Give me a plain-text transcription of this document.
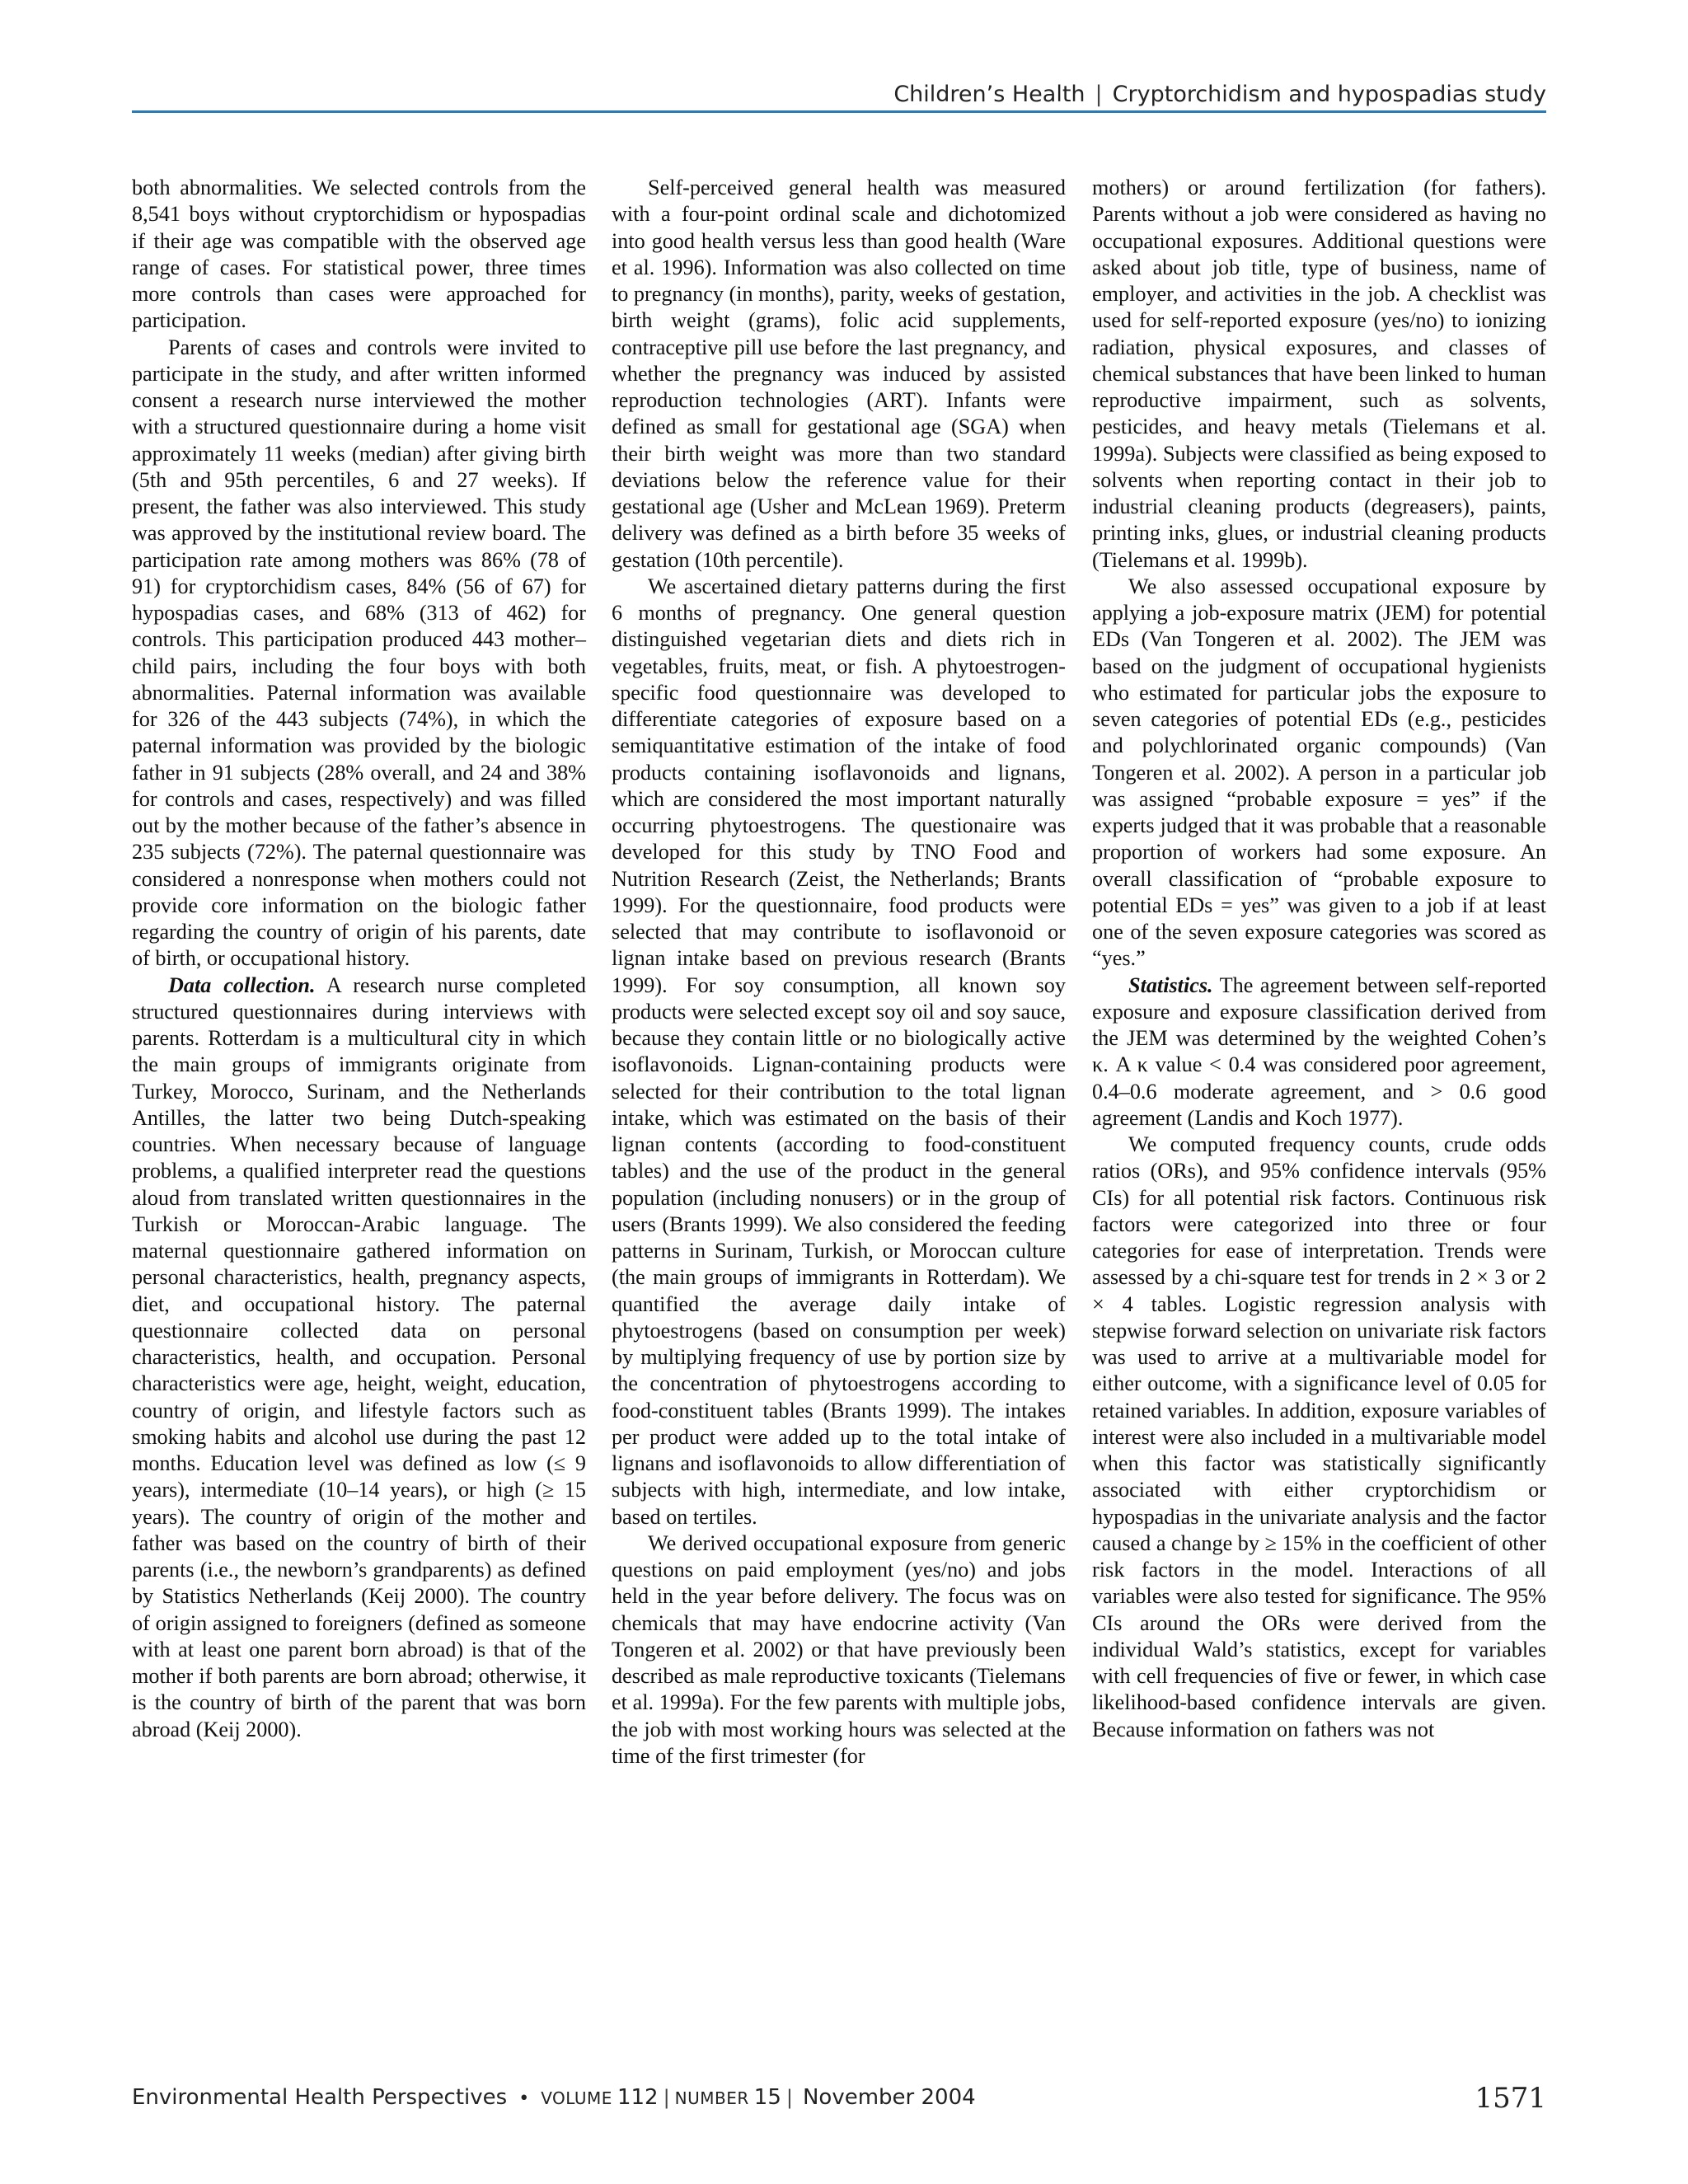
Children’s Health | Cryptorchidism and hypospadias study

both abnormalities. We selected controls from the 8,541 boys without cryptorchidism or hypospadias if their age was compatible with the observed age range of cases. For statistical power, three times more controls than cases were approached for participation.

Parents of cases and controls were invited to participate in the study, and after written informed consent a research nurse interviewed the mother with a structured questionnaire during a home visit approximately 11 weeks (median) after giving birth (5th and 95th percentiles, 6 and 27 weeks). If present, the father was also interviewed. This study was approved by the institutional review board. The participation rate among mothers was 86% (78 of 91) for cryptorchidism cases, 84% (56 of 67) for hypospadias cases, and 68% (313 of 462) for controls. This participation produced 443 mother–child pairs, including the four boys with both abnormalities. Paternal information was available for 326 of the 443 subjects (74%), in which the paternal information was provided by the biologic father in 91 subjects (28% overall, and 24 and 38% for controls and cases, respectively) and was filled out by the mother because of the father’s absence in 235 subjects (72%). The paternal questionnaire was considered a nonresponse when mothers could not provide core information on the biologic father regarding the country of origin of his parents, date of birth, or occupational history.

Data collection. A research nurse completed structured questionnaires during interviews with parents. Rotterdam is a multicultural city in which the main groups of immigrants originate from Turkey, Morocco, Surinam, and the Netherlands Antilles, the latter two being Dutch-speaking countries. When necessary because of language problems, a qualified interpreter read the questions aloud from translated written questionnaires in the Turkish or Moroccan-Arabic language. The maternal questionnaire gathered information on personal characteristics, health, pregnancy aspects, diet, and occupational history. The paternal questionnaire collected data on personal characteristics, health, and occupation. Personal characteristics were age, height, weight, education, country of origin, and lifestyle factors such as smoking habits and alcohol use during the past 12 months. Education level was defined as low (≤ 9 years), intermediate (10–14 years), or high (≥ 15 years). The country of origin of the mother and father was based on the country of birth of their parents (i.e., the newborn’s grandparents) as defined by Statistics Netherlands (Keij 2000). The country of origin assigned to foreigners (defined as someone with at least one parent born abroad) is that of the mother if both parents are born abroad; otherwise, it is the country of birth of the parent that was born abroad (Keij 2000).

Self-perceived general health was measured with a four-point ordinal scale and dichotomized into good health versus less than good health (Ware et al. 1996). Information was also collected on time to pregnancy (in months), parity, weeks of gestation, birth weight (grams), folic acid supplements, contraceptive pill use before the last pregnancy, and whether the pregnancy was induced by assisted reproduction technologies (ART). Infants were defined as small for gestational age (SGA) when their birth weight was more than two standard deviations below the reference value for their gestational age (Usher and McLean 1969). Preterm delivery was defined as a birth before 35 weeks of gestation (10th percentile).

We ascertained dietary patterns during the first 6 months of pregnancy. One general question distinguished vegetarian diets and diets rich in vegetables, fruits, meat, or fish. A phytoestrogen-specific food questionnaire was developed to differentiate categories of exposure based on a semiquantitative estimation of the intake of food products containing isoflavonoids and lignans, which are considered the most important naturally occurring phytoestrogens. The questionaire was developed for this study by TNO Food and Nutrition Research (Zeist, the Netherlands; Brants 1999). For the questionnaire, food products were selected that may contribute to isoflavonoid or lignan intake based on previous research (Brants 1999). For soy consumption, all known soy products were selected except soy oil and soy sauce, because they contain little or no biologically active isoflavonoids. Lignan-containing products were selected for their contribution to the total lignan intake, which was estimated on the basis of their lignan contents (according to food-constituent tables) and the use of the product in the general population (including nonusers) or in the group of users (Brants 1999). We also considered the feeding patterns in Surinam, Turkish, or Moroccan culture (the main groups of immigrants in Rotterdam). We quantified the average daily intake of phytoestrogens (based on consumption per week) by multiplying frequency of use by portion size by the concentration of phytoestrogens according to food-constituent tables (Brants 1999). The intakes per product were added up to the total intake of lignans and isoflavonoids to allow differentiation of subjects with high, intermediate, and low intake, based on tertiles.

We derived occupational exposure from generic questions on paid employment (yes/no) and jobs held in the year before delivery. The focus was on chemicals that may have endocrine activity (Van Tongeren et al. 2002) or that have previously been described as male reproductive toxicants (Tielemans et al. 1999a). For the few parents with multiple jobs, the job with most working hours was selected at the time of the first trimester (for

mothers) or around fertilization (for fathers). Parents without a job were considered as having no occupational exposures. Additional questions were asked about job title, type of business, name of employer, and activities in the job. A checklist was used for self-reported exposure (yes/no) to ionizing radiation, physical exposures, and classes of chemical substances that have been linked to human reproductive impairment, such as solvents, pesticides, and heavy metals (Tielemans et al. 1999a). Subjects were classified as being exposed to solvents when reporting contact in their job to industrial cleaning products (degreasers), paints, printing inks, glues, or industrial cleaning products (Tielemans et al. 1999b).

We also assessed occupational exposure by applying a job-exposure matrix (JEM) for potential EDs (Van Tongeren et al. 2002). The JEM was based on the judgment of occupational hygienists who estimated for particular jobs the exposure to seven categories of potential EDs (e.g., pesticides and polychlorinated organic compounds) (Van Tongeren et al. 2002). A person in a particular job was assigned “probable exposure = yes” if the experts judged that it was probable that a reasonable proportion of workers had some exposure. An overall classification of “probable exposure to potential EDs = yes” was given to a job if at least one of the seven exposure categories was scored as “yes.”

Statistics. The agreement between self-reported exposure and exposure classification derived from the JEM was determined by the weighted Cohen’s κ. A κ value < 0.4 was considered poor agreement, 0.4–0.6 moderate agreement, and > 0.6 good agreement (Landis and Koch 1977).

We computed frequency counts, crude odds ratios (ORs), and 95% confidence intervals (95% CIs) for all potential risk factors. Continuous risk factors were categorized into three or four categories for ease of interpretation. Trends were assessed by a chi-square test for trends in 2 × 3 or 2 × 4 tables. Logistic regression analysis with stepwise forward selection on univariate risk factors was used to arrive at a multivariable model for either outcome, with a significance level of 0.05 for retained variables. In addition, exposure variables of interest were also included in a multivariable model when this factor was statistically significantly associated with either cryptorchidism or hypospadias in the univariate analysis and the factor caused a change by ≥ 15% in the coefficient of other risk factors in the model. Interactions of all variables were also tested for significance. The 95% CIs around the ORs were derived from the individual Wald’s statistics, except for variables with cell frequencies of five or fewer, in which case likelihood-based confidence intervals are given. Because information on fathers was not

Environmental Health Perspectives • VOLUME 112 | NUMBER 15 | November 2004	1571
